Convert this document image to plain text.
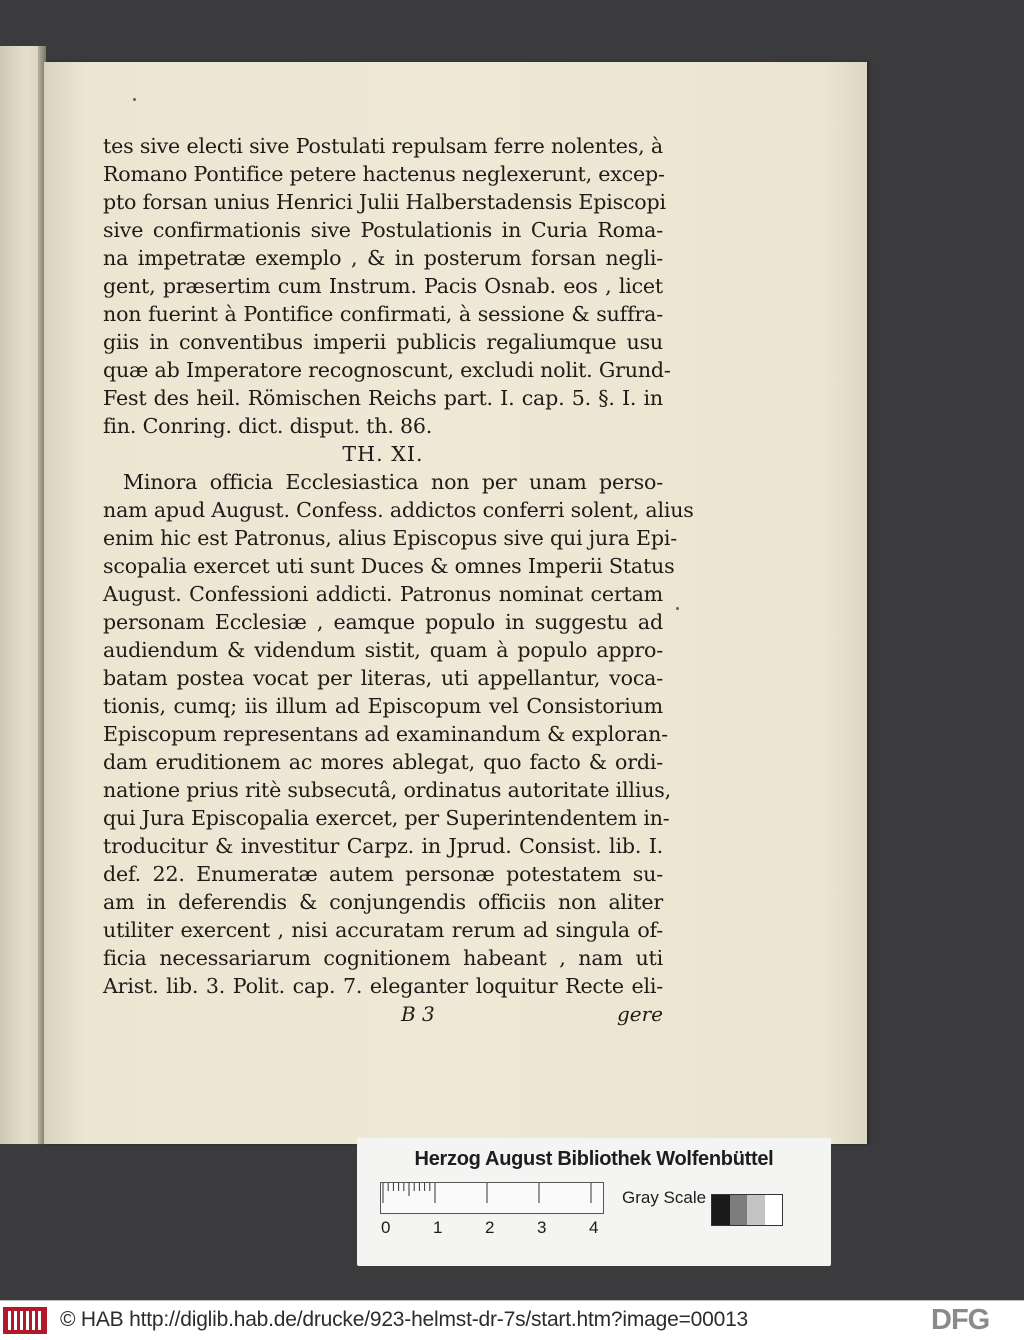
tes sive electi sive Postulati repulsam ferre nolentes, à
Romano Pontifice petere hactenus neglexerunt, excep-
pto forsan unius Henrici Julii Halberstadensis Episcopi
sive confirmationis sive Postulationis in Curia Roma-
na impetratæ exemplo , & in posterum forsan negli-
gent, præsertim cum Instrum. Pacis Osnab. eos , licet
non fuerint à Pontifice confirmati, à sessione & suffra-
giis in conventibus imperii publicis regaliumque usu
quæ ab Imperatore recognoscunt, excludi nolit. Grund-
Fest des heil. Römischen Reichs part. I. cap. 5. §. I. in
fin. Conring. dict. disput. th. 86.
TH. XI.
Minora officia Ecclesiastica non per unam perso-
nam apud August. Confess. addictos conferri solent, alius
enim hic est Patronus, alius Episcopus sive qui jura Epi-
scopalia exercet uti sunt Duces & omnes Imperii Status
August. Confessioni addicti. Patronus nominat certam
personam Ecclesiæ , eamque populo in suggestu ad
audiendum & videndum sistit, quam à populo appro-
batam postea vocat per literas, uti appellantur, voca-
tionis, cumq; iis illum ad Episcopum vel Consistorium
Episcopum representans ad examinandum & exploran-
dam eruditionem ac mores ablegat, quo facto & ordi-
natione prius ritè subsecutâ, ordinatus autoritate illius,
qui Jura Episcopalia exercet, per Superintendentem in-
troducitur & investitur Carpz. in Jprud. Consist. lib. I.
def. 22. Enumeratæ autem personæ potestatem su-
am in deferendis & conjungendis officiis non aliter
utiliter exercent , nisi accuratam rerum ad singula of-
ficia necessariarum cognitionem habeant , nam uti
Arist. lib. 3. Polit. cap. 7. eleganter loquitur Recte eli-
B 3	gere
Herzog August Bibliothek Wolfenbüttel
0	1	2	3	4
Gray Scale
© HAB http://diglib.hab.de/drucke/923-helmst-dr-7s/start.htm?image=00013	DFG
